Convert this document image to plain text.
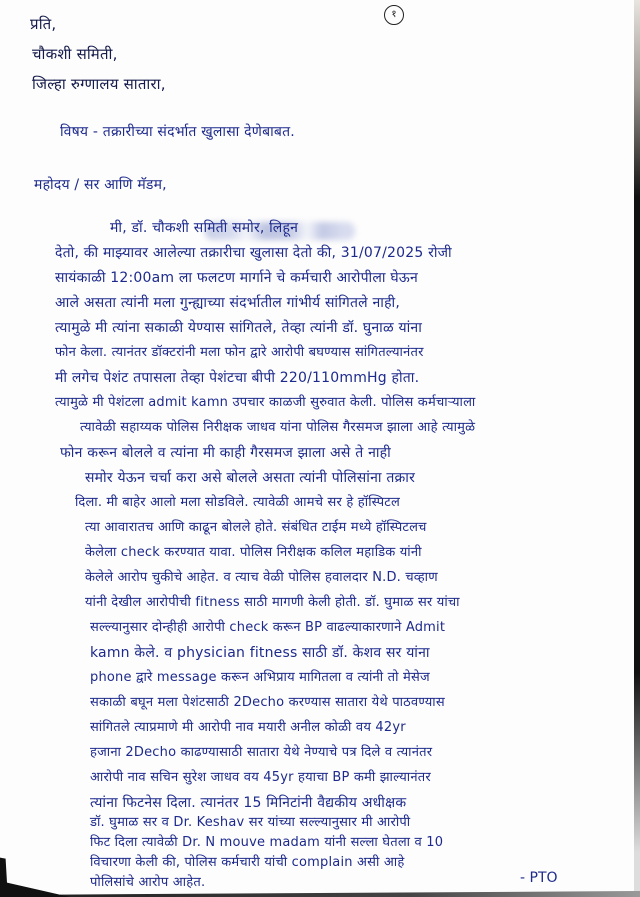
१
प्रति,
चौकशी समिती,
जिल्हा रुग्णालय सातारा,
विषय - तक्रारीच्या संदर्भात खुलासा देणेबाबत.
महोदय / सर आणि मॅडम,
मी, डॉ. चौकशी समिती समोर, लिहून
देतो, की माझ्यावर आलेल्या तक्रारीचा खुलासा देतो की, 31/07/2025 रोजी
सायंकाळी 12:00am ला फलटण मार्गाने चे कर्मचारी आरोपीला घेऊन
आले असता त्यांनी मला गुन्ह्याच्या संदर्भातील गांभीर्य सांगितले नाही,
त्यामुळे मी त्यांना सकाळी येण्यास सांगितले, तेव्हा त्यांनी डॉ. घुनाळ यांना
फोन केला. त्यानंतर डॉक्टरांनी मला फोन द्वारे आरोपी बघण्यास सांगितल्यानंतर
मी लगेच पेशंट तपासला तेव्हा पेशंटचा बीपी 220/110mmHg होता.
त्यामुळे मी पेशंटला admit kamn उपचार काळजी सुरुवात केली. पोलिस कर्मचाऱ्याला
त्यावेळी सहाय्यक पोलिस निरीक्षक जाधव यांना पोलिस गैरसमज झाला आहे त्यामुळे
फोन करून बोलले व त्यांना मी काही गैरसमज झाला असे ते नाही
समोर येऊन चर्चा करा असे बोलले असता त्यांनी पोलिसांना तक्रार
दिला. मी बाहेर आलो मला सोडविले. त्यावेळी आमचे सर हे हॉस्पिटल
त्या आवारातच आणि काढून बोलले होते. संबंधित टाईम मध्ये हॉस्पिटलच
केलेला check करण्यात यावा. पोलिस निरीक्षक कलिल महाडिक यांनी
केलेले आरोप चुकीचे आहेत. व त्याच वेळी पोलिस हवालदार N.D. चव्हाण
यांनी देखील आरोपीची fitness साठी मागणी केली होती. डॉ. घुमाळ सर यांचा
सल्ल्यानुसार दोन्हीही आरोपी check करून BP वाढल्याकारणाने Admit
kamn केले. व physician fitness साठी डॉ. केशव सर यांना
phone द्वारे message करून अभिप्राय मागितला व त्यांनी तो मेसेज
सकाळी बघून मला पेशंटसाठी 2Decho करण्यास सातारा येथे पाठवण्यास
सांगितले त्याप्रमाणे मी आरोपी नाव मयारी अनील कोळी वय 42yr
हजाना 2Decho काढण्यासाठी सातारा येथे नेण्याचे पत्र दिले व त्यानंतर
आरोपी नाव सचिन सुरेश जाधव वय 45yr हयाचा BP कमी झाल्यानंतर
त्यांना फिटनेस दिला. त्यानंतर 15 मिनिटांनी वैद्यकीय अधीक्षक
डॉ. घुमाळ सर व Dr. Keshav सर यांच्या सल्ल्यानुसार मी आरोपी
फिट दिला त्यावेळी Dr. N mouve madam यांनी सल्ला घेतला व 10
विचारणा केली की, पोलिस कर्मचारी यांची complain असी आहे
पोलिसांचे आरोप आहेत.	- PTO
